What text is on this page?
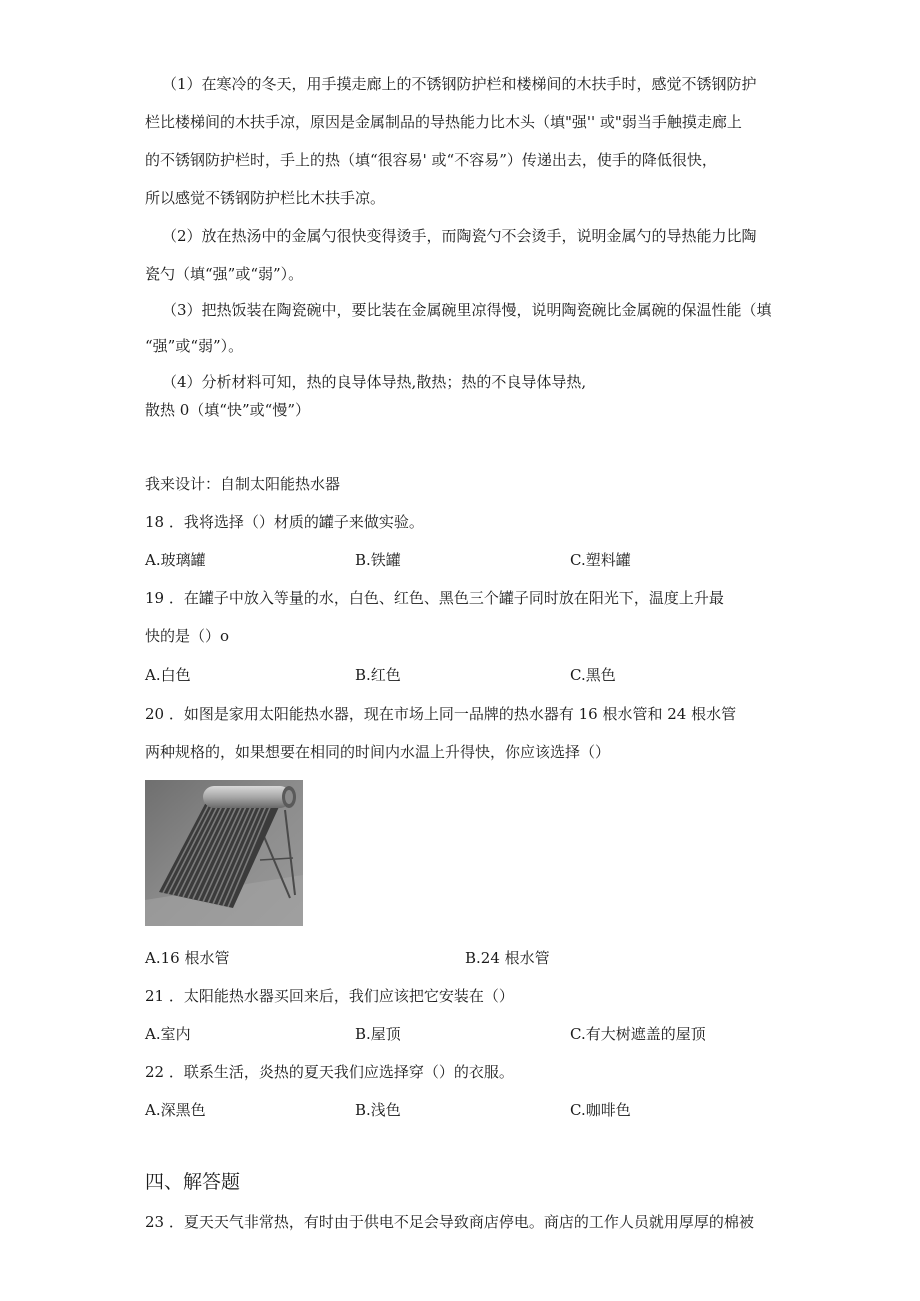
（1）在寒冷的冬天，用手摸走廊上的不锈钢防护栏和楼梯间的木扶手时，感觉不锈钢防护
栏比楼梯间的木扶手凉，原因是金属制品的导热能力比木头（填"强'' 或"弱当手触摸走廊上
的不锈钢防护栏时，手上的热（填“很容易' 或“不容易”）传递出去，使手的降低很快，
所以感觉不锈钢防护栏比木扶手凉。
（2）放在热汤中的金属勺很快变得烫手，而陶瓷勺不会烫手，说明金属勺的导热能力比陶
瓷勺（填“强”或“弱”）。
（3）把热饭装在陶瓷碗中，要比装在金属碗里凉得慢，说明陶瓷碗比金属碗的保温性能（填
“强”或“弱”）。
（4）分析材料可知，热的良导体导热,散热；热的不良导体导热,
散热 0（填“快”或“慢”）
我来设计：自制太阳能热水器
18 ．我将选择（）材质的罐子来做实验。
A.玻璃罐	B.铁罐	C.塑料罐
19 ．在罐子中放入等量的水，白色、红色、黑色三个罐子同时放在阳光下，温度上升最
快的是（）o
A.白色	B.红色	C.黑色
20 ．如图是家用太阳能热水器，现在市场上同一品牌的热水器有 16 根水管和 24 根水管
两种规格的，如果想要在相同的时间内水温上升得快，你应该选择（）
A.16 根水管	B.24 根水管
21 ．太阳能热水器买回来后，我们应该把它安装在（）
A.室内	B.屋顶	C.有大树遮盖的屋顶
22 ．联系生活，炎热的夏天我们应选择穿（）的衣服。
A.深黑色	B.浅色	C.咖啡色
四、解答题
23 ．夏天天气非常热，有时由于供电不足会导致商店停电。商店的工作人员就用厚厚的棉被
